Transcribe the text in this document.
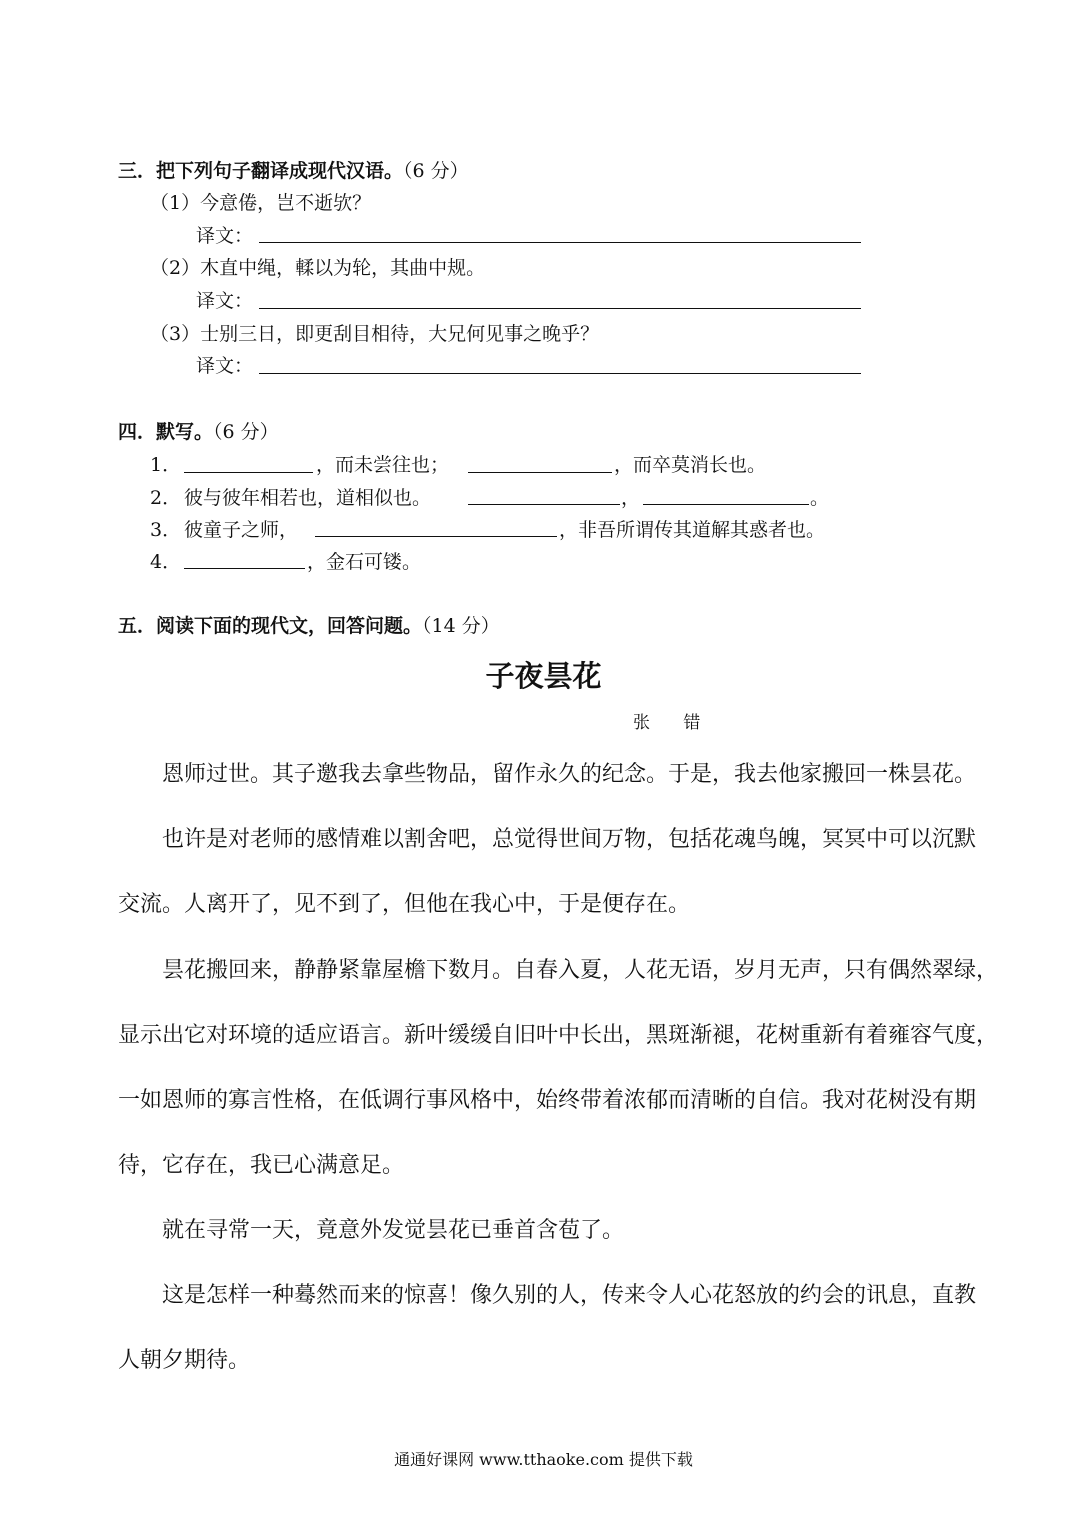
三．把下列句子翻译成现代汉语。（6 分）
（1）今意倦，岂不逝欤？
译文：
（2）木直中绳，輮以为轮，其曲中规。
译文：
（3）士别三日，即更刮目相待，大兄何见事之晚乎？
译文：
四．默写。（6 分）
1．	，而未尝往也；	，而卒莫消长也。
2． 彼与彼年相若也，道相似也。	，	。
3． 彼童子之师，	，非吾所谓传其道解其惑者也。
4．	，金石可镂。
五．阅读下面的现代文，回答问题。（14 分）
子夜昙花
张 错
恩师过世。其子邀我去拿些物品，留作永久的纪念。于是，我去他家搬回一株昙花。
也许是对老师的感情难以割舍吧，总觉得世间万物，包括花魂鸟魄，冥冥中可以沉默
交流。人离开了，见不到了，但他在我心中，于是便存在。
昙花搬回来，静静紧靠屋檐下数月。自春入夏，人花无语，岁月无声，只有偶然翠绿，
显示出它对环境的适应语言。新叶缓缓自旧叶中长出，黑斑渐褪，花树重新有着雍容气度，
一如恩师的寡言性格，在低调行事风格中，始终带着浓郁而清晰的自信。我对花树没有期
待，它存在，我已心满意足。
就在寻常一天，竟意外发觉昙花已垂首含苞了。
这是怎样一种蓦然而来的惊喜！像久别的人，传来令人心花怒放的约会的讯息，直教
人朝夕期待。
通通好课网 www.tthaoke.com 提供下载
